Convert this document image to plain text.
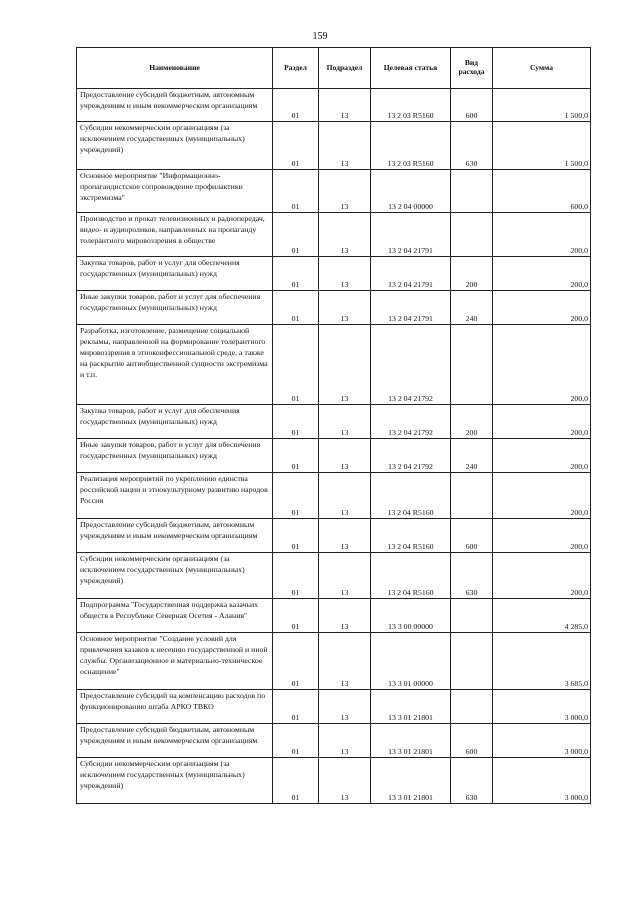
159
Наименование	Раздел	Подраздел	Целевая статья	Вид расхода	Сумма
Предоставление субсидий бюджетным, автономным учреждениям и иным некоммерческим организациям	01	13	13 2 03 R5160	600	1 500,0
Субсидии некоммерческим организациям (за исключением государственных (муниципальных) учреждений)	01	13	13 2 03 R5160	630	1 500,0
Основное мероприятие "Информационно-пропагандистское сопровождение профилактики экстремизма"	01	13	13 2 04 00000		600,0
Производство и прокат телевизионных и радиопередач, видео- и аудиороликов, направленных на пропаганду толерантного мировоззрения в обществе	01	13	13 2 04 21791		200,0
Закупка товаров, работ и услуг для обеспечения государственных (муниципальных) нужд	01	13	13 2 04 21791	200	200,0
Иные закупки товаров, работ и услуг для обеспечения государственных (муниципальных) нужд	01	13	13 2 04 21791	240	200,0
Разработка, изготовление, размещение социальной рекламы, направленной на формирование толерантного мировоззрения в этноконфессиональной среде, а также на раскрытие антиобщественной сущности экстремизма и т.п.	01	13	13 2 04 21792		200,0
Закупка товаров, работ и услуг для обеспечения государственных (муниципальных) нужд	01	13	13 2 04 21792	200	200,0
Иные закупки товаров, работ и услуг для обеспечения государственных (муниципальных) нужд	01	13	13 2 04 21792	240	200,0
Реализация мероприятий по укреплению единства российской нации и этнокультурному развитию народов России	01	13	13 2 04 R5160		200,0
Предоставление субсидий бюджетным, автономным учреждениям и иным некоммерческим организациям	01	13	13 2 04 R5160	600	200,0
Субсидии некоммерческим организациям (за исключением государственных (муниципальных) учреждений)	01	13	13 2 04 R5160	630	200,0
Подпрограмма "Государственная поддержка казачьих обществ в Республике Северная Осетия - Алания"	01	13	13 3 00 00000		4 285,0
Основное мероприятие "Создание условий для привлечения казаков к несению государственной и иной службы. Организационное и материально-техническое оснащение"	01	13	13 3 01 00000		3 685,0
Предоставление субсидий на компенсацию расходов по функционированию штаба АРКО ТВКО	01	13	13 3 01 21801		3 000,0
Предоставление субсидий бюджетным, автономным учреждениям и иным некоммерческим организациям	01	13	13 3 01 21801	600	3 000,0
Субсидии некоммерческим организациям (за исключением государственных (муниципальных) учреждений)	01	13	13 3 01 21801	630	3 000,0
